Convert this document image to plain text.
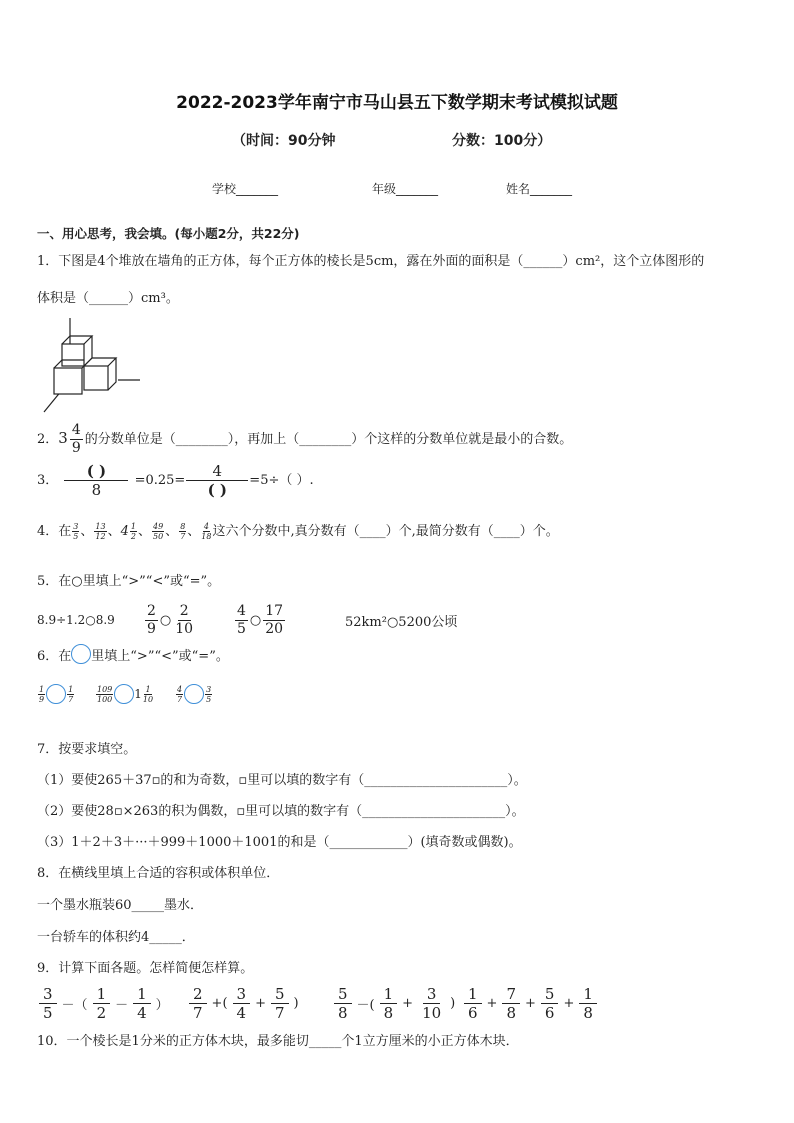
2022-2023学年南宁市马山县五下数学期末考试模拟试题
（时间：90分钟	分数：100分）
学校_______	年级_______	姓名_______
一、用心思考，我会填。(每小题2分，共22分)
1．下图是4个堆放在墙角的正方体，每个正方体的棱长是5cm，露在外面的面积是（______）cm²，这个立体图形的
体积是（______）cm³。
2．$3 \frac{4}{9}$ 的分数单位是（________），再加上（________）个这样的分数单位就是最小的合数。
3． $\frac{( )}{8} =0.25= \frac{4}{( )} =5\div$（ ）.
4．在 $\frac{3}{5}$ 、 $\frac{13}{12}$ 、$4 \frac{1}{2}$ 、 $\frac{49}{50}$ 、 $\frac{8}{7}$ 、 $\frac{4}{18}$ 这六个分数中,真分数有（____）个,最简分数有（____）个。
5．在○里填上“>”“<”或“=”。
8.9÷1.2○8.9	$\frac{2}{9}$ ○ $\frac{2}{10}$	$\frac{4}{5}$ ○ $\frac{17}{20}$	52km²○5200公顷
6．在 里填上“>”“<”或“=”。
$\frac{1}{9}$	$\frac{1}{7}$	$\frac{109}{100} 1 \frac{1}{10}$	$\frac{4}{7}$	$\frac{3}{5}$
7．按要求填空。
（1）要使265＋37▫的和为奇数，▫里可以填的数字有（______________________）。
（2）要使28▫×263的积为偶数，▫里可以填的数字有（______________________）。
（3）1＋2＋3＋···＋999＋1000＋1001的和是（____________）(填奇数或偶数)。
8．在横线里填上合适的容积或体积单位．
一个墨水瓶装60_____墨水．
一台轿车的体积约4_____．
9．计算下面各题。怎样简便怎样算。
$\frac{3}{5}$ －（ $\frac{1}{2} - \frac{1}{4}$ ） $\frac{2}{7}$ +( $\frac{3}{4} + \frac{5}{7}$ ) $\frac{5}{8}$ －( $\frac{1}{8} + \frac{3}{10}$ ) $\frac{1}{6} + \frac{7}{8} + \frac{5}{6} + \frac{1}{8}$
10．一个棱长是1分米的正方体木块，最多能切_____个1立方厘米的小正方体木块．
